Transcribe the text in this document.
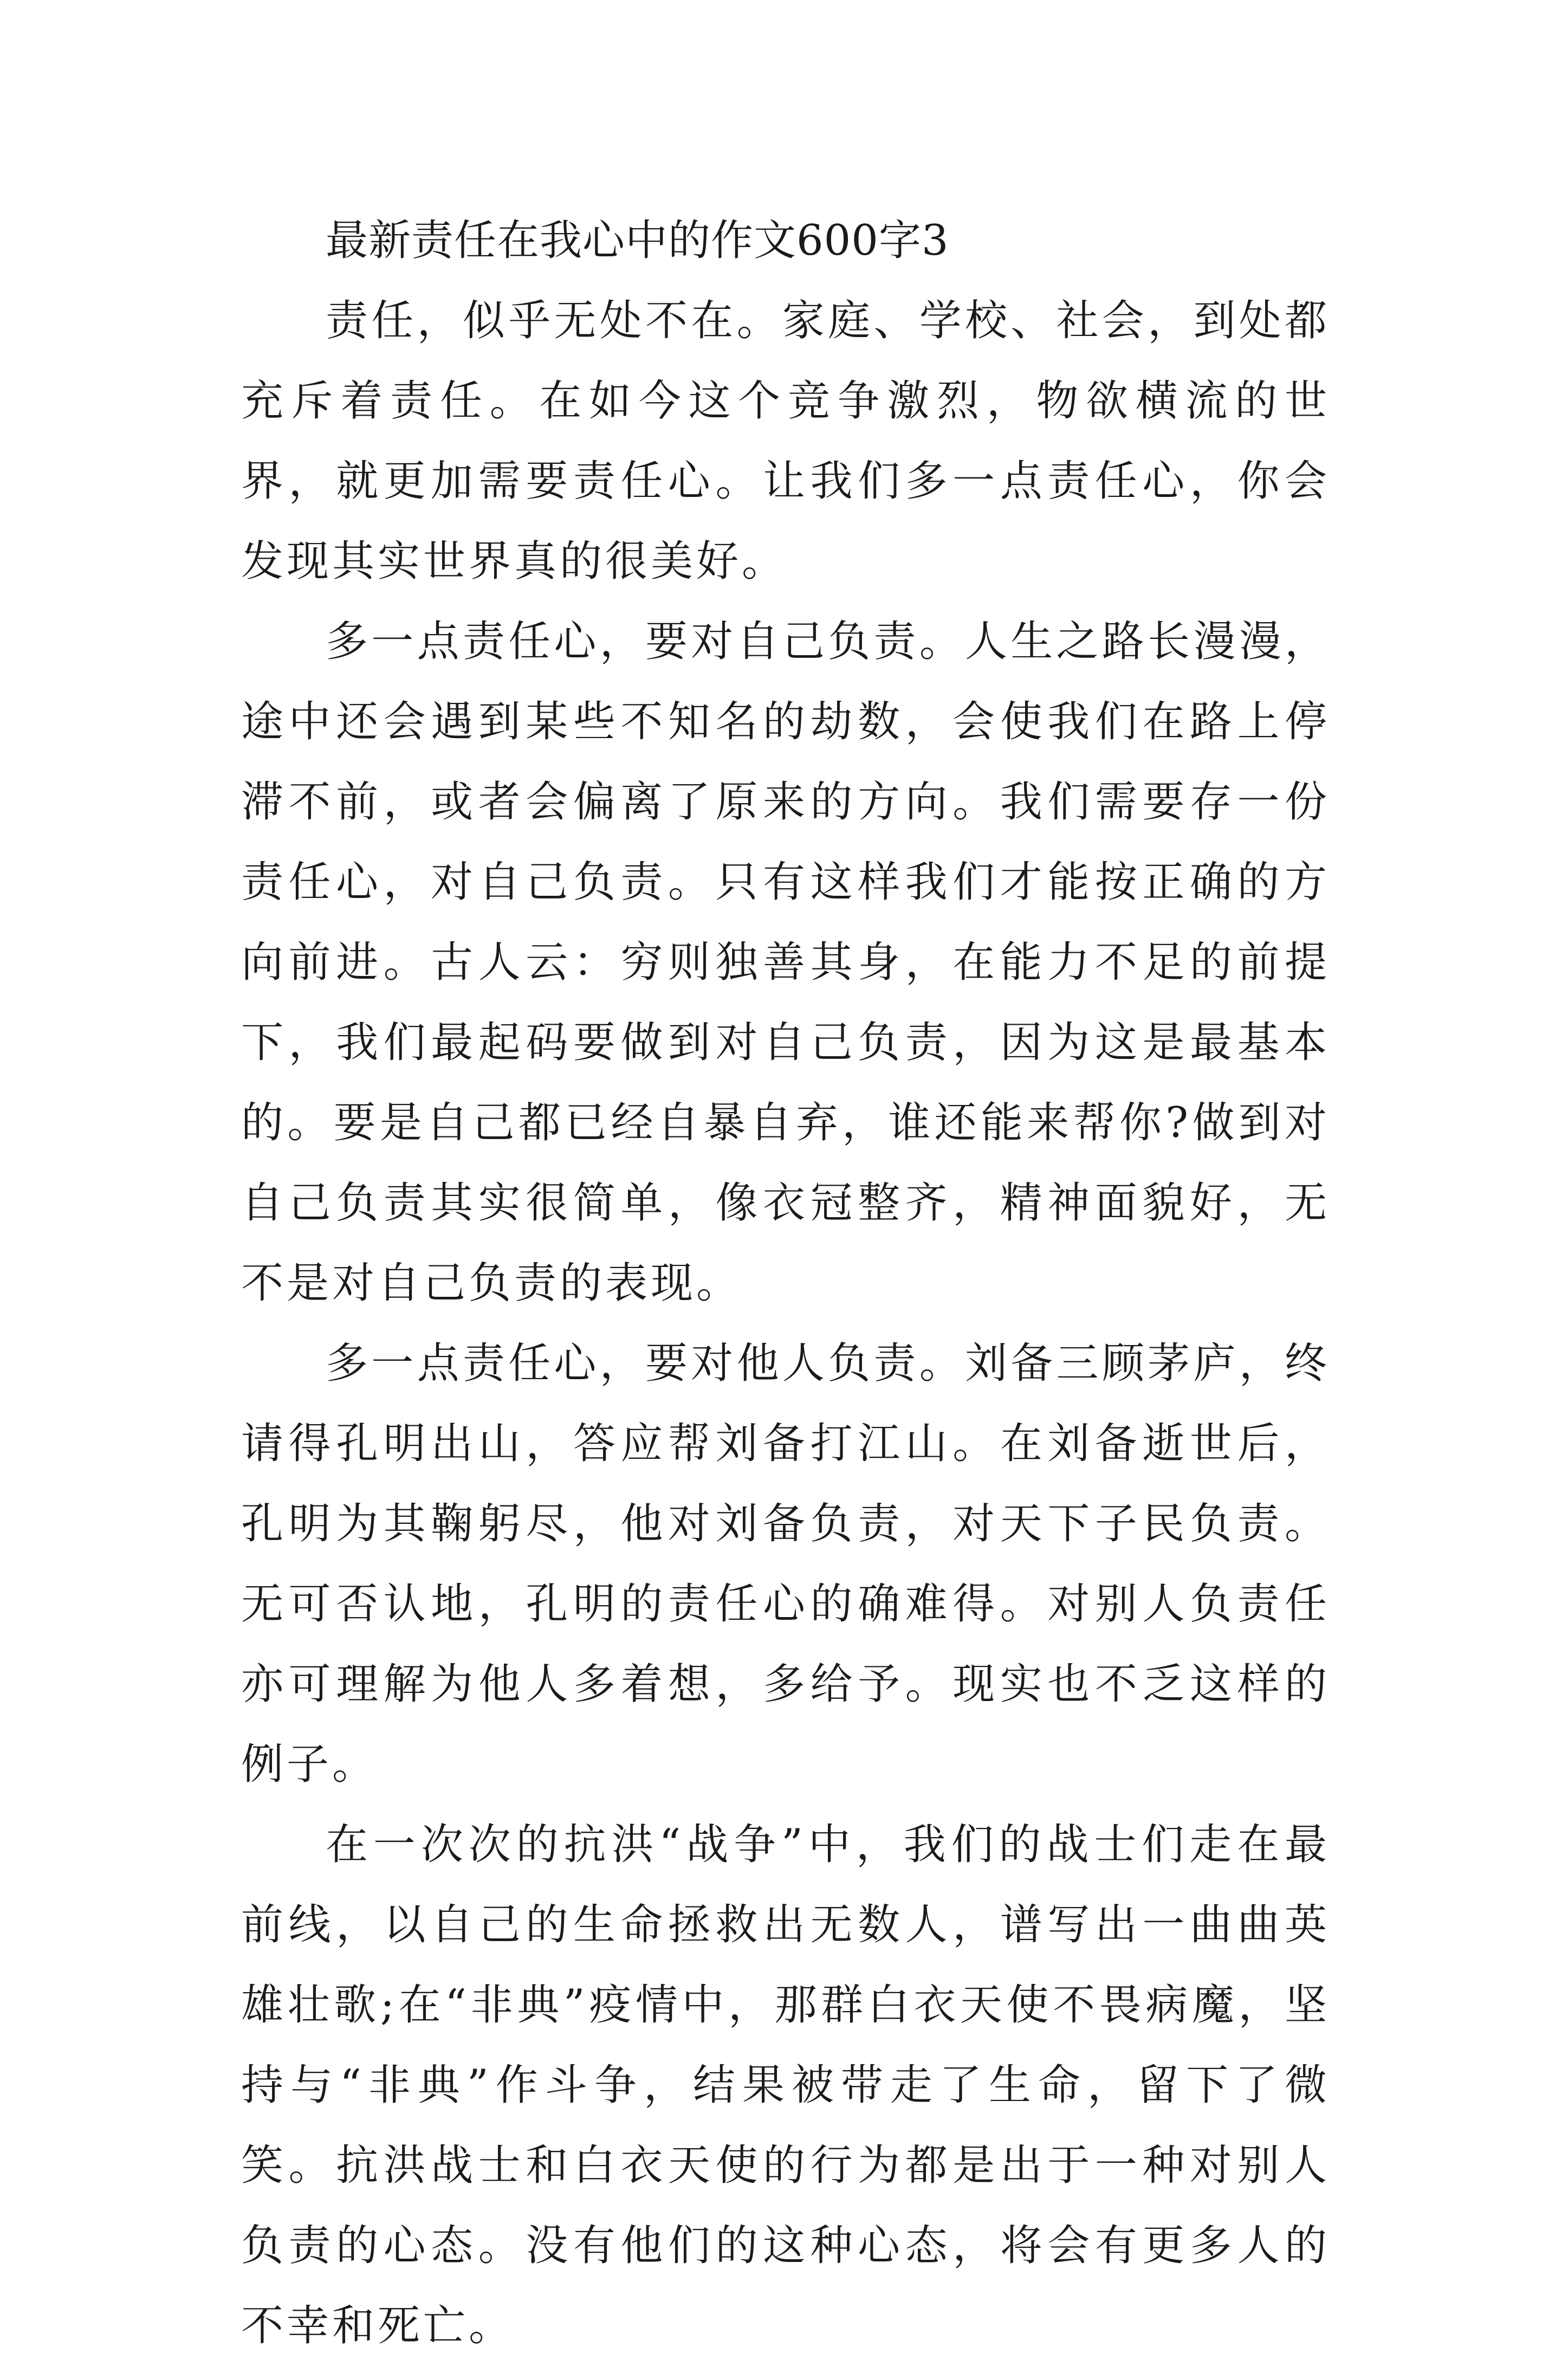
最新责任在我心中的作文600字3

责任，似乎无处不在。家庭、学校、社会，到处都充斥着责任。在如今这个竞争激烈，物欲横流的世界，就更加需要责任心。让我们多一点责任心，你会发现其实世界真的很美好。

多一点责任心，要对自己负责。人生之路长漫漫，途中还会遇到某些不知名的劫数，会使我们在路上停滞不前，或者会偏离了原来的方向。我们需要存一份责任心，对自己负责。只有这样我们才能按正确的方向前进。古人云：穷则独善其身，在能力不足的前提下，我们最起码要做到对自己负责，因为这是最基本的。要是自己都已经自暴自弃，谁还能来帮你?做到对自己负责其实很简单，像衣冠整齐，精神面貌好，无不是对自己负责的表现。

多一点责任心，要对他人负责。刘备三顾茅庐，终请得孔明出山，答应帮刘备打江山。在刘备逝世后，孔明为其鞠躬尽，他对刘备负责，对天下子民负责。无可否认地，孔明的责任心的确难得。对别人负责任亦可理解为他人多着想，多给予。现实也不乏这样的例子。

在一次次的抗洪“战争”中，我们的战士们走在最前线，以自己的生命拯救出无数人，谱写出一曲曲英雄壮歌;在“非典”疫情中，那群白衣天使不畏病魔，坚持与“非典”作斗争，结果被带走了生命，留下了微笑。抗洪战士和白衣天使的行为都是出于一种对别人负责的心态。没有他们的这种心态，将会有更多人的不幸和死亡。
